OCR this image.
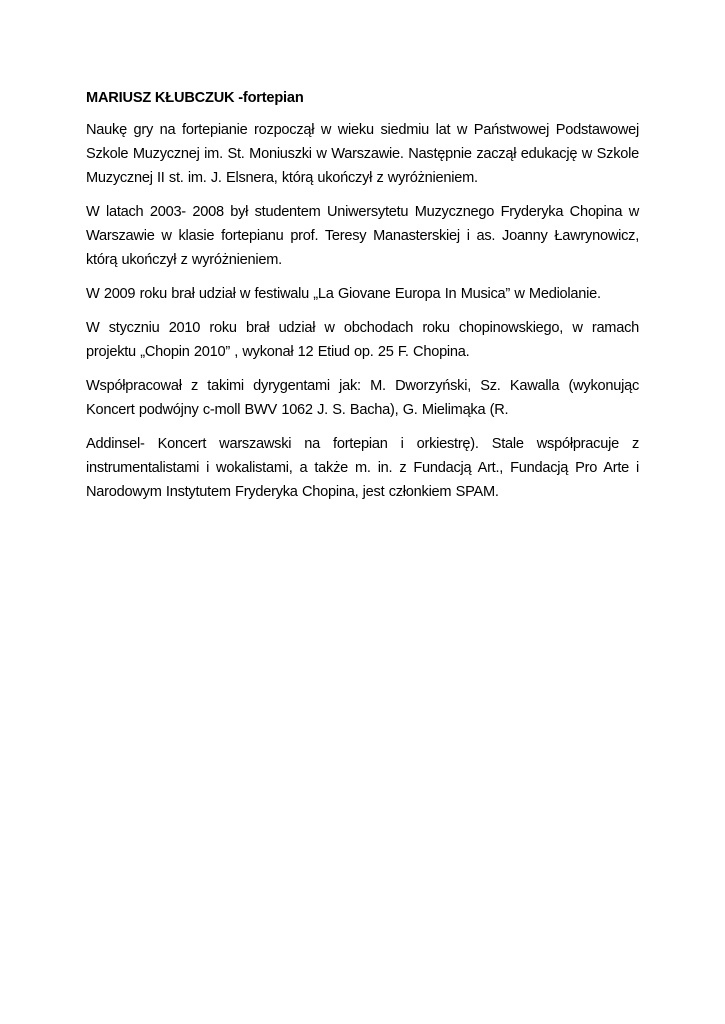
MARIUSZ KŁUBCZUK -fortepian

Naukę gry na fortepianie rozpoczął w wieku siedmiu lat w Państwowej Podstawowej Szkole Muzycznej im. St. Moniuszki w Warszawie. Następnie zaczął edukację w Szkole Muzycznej II st. im. J. Elsnera, którą ukończył z wyróżnieniem.

W latach 2003- 2008 był studentem Uniwersytetu Muzycznego Fryderyka Chopina w Warszawie w klasie fortepianu prof. Teresy Manasterskiej i as. Joanny Ławrynowicz, którą ukończył z wyróżnieniem.

W 2009 roku brał udział w festiwalu „La Giovane Europa In Musica” w Mediolanie.

W styczniu 2010 roku brał udział w obchodach roku chopinowskiego, w ramach projektu „Chopin 2010” , wykonał 12 Etiud op. 25 F. Chopina.

Współpracował z takimi dyrygentami jak: M. Dworzyński, Sz. Kawalla (wykonując Koncert podwójny c-moll BWV 1062 J. S. Bacha), G. Mielimąka (R.

Addinsel- Koncert warszawski na fortepian i orkiestrę). Stale współpracuje z instrumentalistami i wokalistami, a także m. in. z Fundacją Art., Fundacją Pro Arte i Narodowym Instytutem Fryderyka Chopina, jest członkiem SPAM.
